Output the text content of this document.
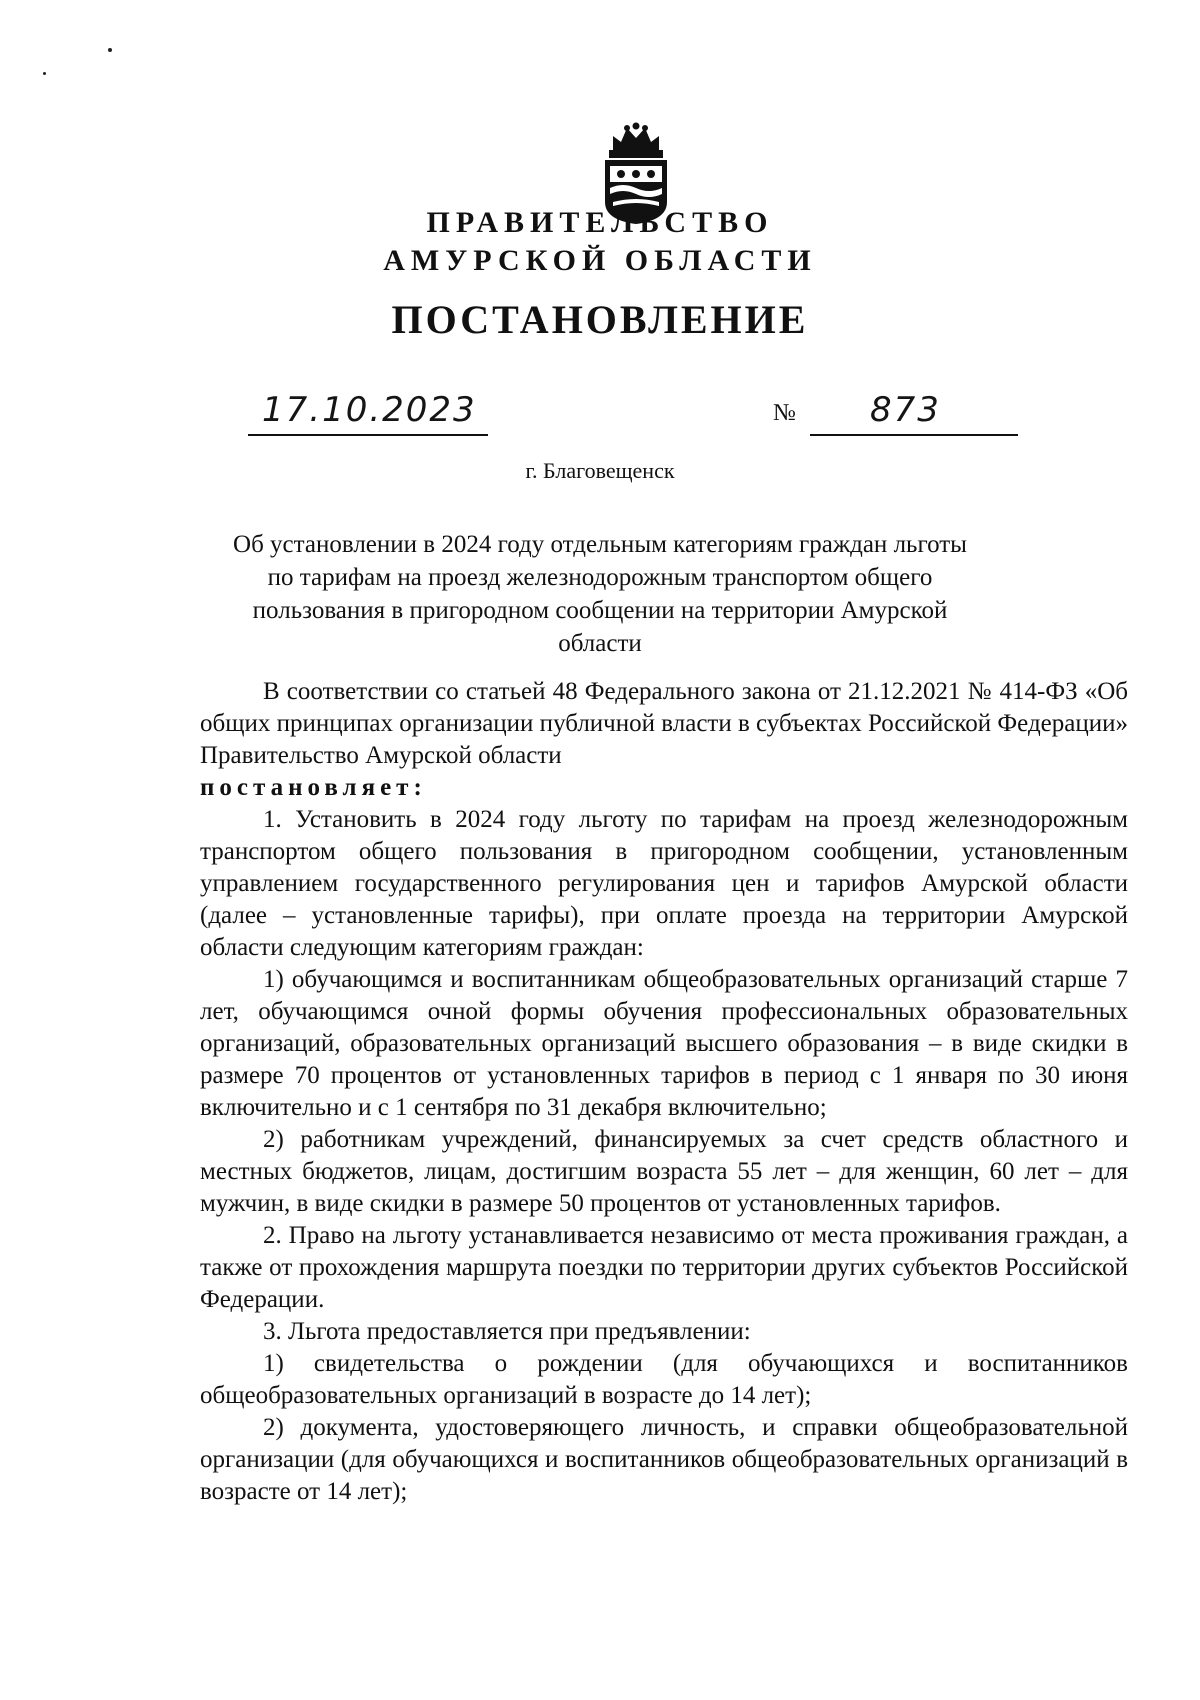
ПРАВИТЕЛЬСТВО
АМУРСКОЙ ОБЛАСТИ
ПОСТАНОВЛЕНИЕ
17.10.2023	№ 873
г. Благовещенск
Об установлении в 2024 году отдельным категориям граждан льготы по тарифам на проезд железнодорожным транспортом общего пользования в пригородном сообщении на территории Амурской области

В соответствии со статьей 48 Федерального закона от 21.12.2021 № 414-ФЗ «Об общих принципах организации публичной власти в субъектах Российской Федерации» Правительство Амурской области

постановляет:

1. Установить в 2024 году льготу по тарифам на проезд железнодорожным транспортом общего пользования в пригородном сообщении, установленным управлением государственного регулирования цен и тарифов Амурской области (далее – установленные тарифы), при оплате проезда на территории Амурской области следующим категориям граждан:

1) обучающимся и воспитанникам общеобразовательных организаций старше 7 лет, обучающимся очной формы обучения профессиональных образовательных организаций, образовательных организаций высшего образования – в виде скидки в размере 70 процентов от установленных тарифов в период с 1 января по 30 июня включительно и с 1 сентября по 31 декабря включительно;

2) работникам учреждений, финансируемых за счет средств областного и местных бюджетов, лицам, достигшим возраста 55 лет – для женщин, 60 лет – для мужчин, в виде скидки в размере 50 процентов от установленных тарифов.

2. Право на льготу устанавливается независимо от места проживания граждан, а также от прохождения маршрута поездки по территории других субъектов Российской Федерации.

3. Льгота предоставляется при предъявлении:

1) свидетельства о рождении (для обучающихся и воспитанников общеобразовательных организаций в возрасте до 14 лет);

2) документа, удостоверяющего личность, и справки общеобразовательной организации (для обучающихся и воспитанников общеобразовательных организаций в возрасте от 14 лет);
